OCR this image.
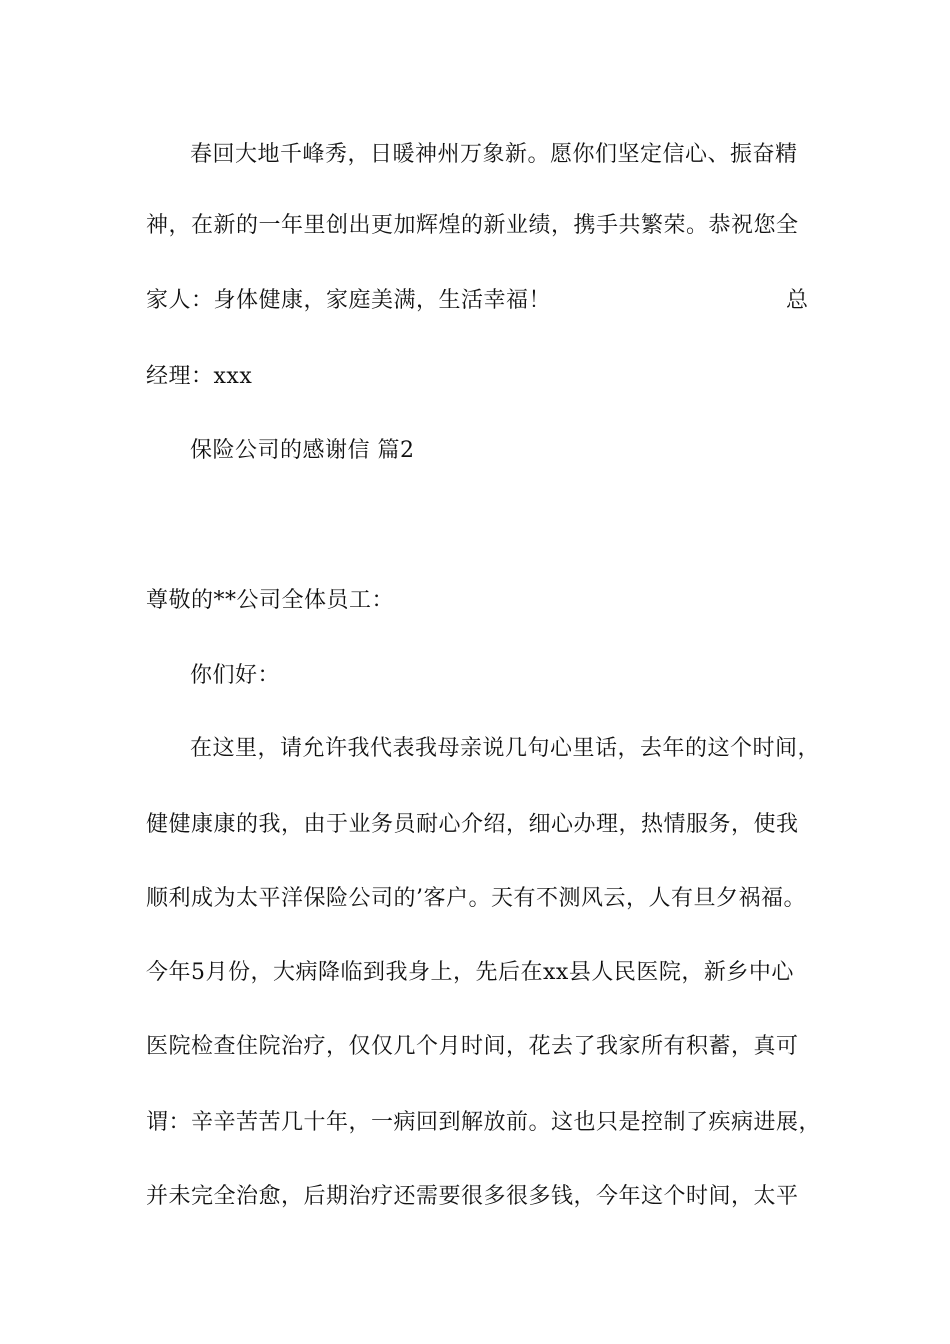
春回大地千峰秀，日暖神州万象新。愿你们坚定信心、振奋精
神，在新的一年里创出更加辉煌的新业绩，携手共繁荣。恭祝您全
家人：身体健康，家庭美满，生活幸福！	总
经理：xxx
保险公司的感谢信 篇2
尊敬的**公司全体员工：
你们好：
在这里，请允许我代表我母亲说几句心里话，去年的这个时间，
健健康康的我，由于业务员耐心介绍，细心办理，热情服务，使我
顺利成为太平洋保险公司的’客户。天有不测风云，人有旦夕祸福。
今年5月份，大病降临到我身上，先后在xx县人民医院，新乡中心
医院检查住院治疗，仅仅几个月时间，花去了我家所有积蓄，真可
谓：辛辛苦苦几十年，一病回到解放前。这也只是控制了疾病进展，
并未完全治愈，后期治疗还需要很多很多钱，今年这个时间，太平
